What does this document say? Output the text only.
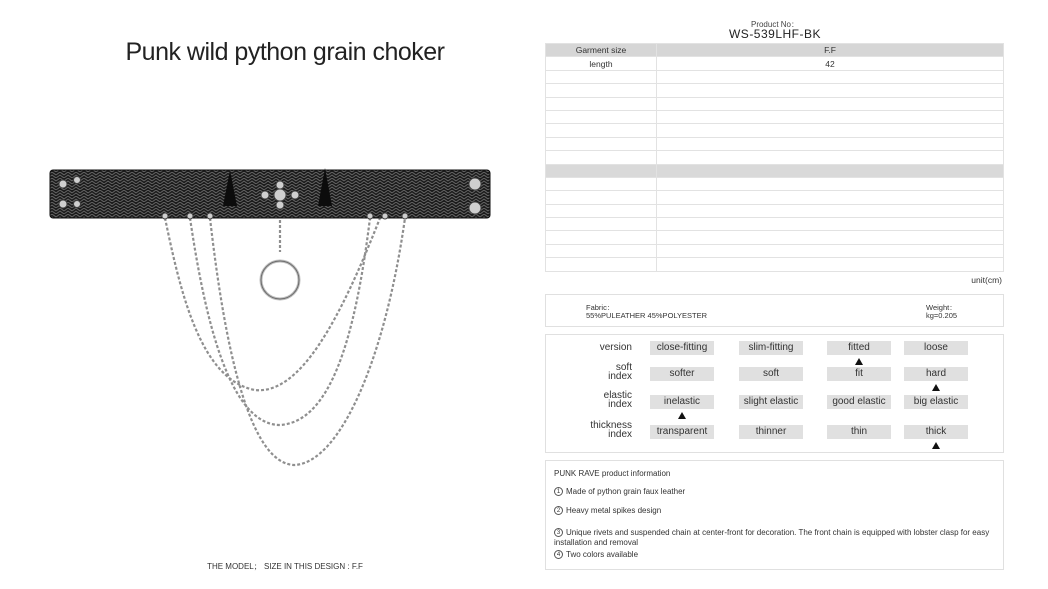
Punk wild python grain choker
THE MODEL； SIZE IN THIS DESIGN : F.F
Product No：
WS-539LHF-BK
Garment size	F.F
length	42

unit(cm)
Fabric：
55%PULEATHER 45%POLYESTER
Weight：
kg=0.205
version	close-fitting	slim-fitting	fitted	loose
soft
index	softer	soft	fit	hard
elastic
index	inelastic	slight elastic	good elastic	big elastic
thickness
index	transparent	thinner	thin	thick
PUNK RAVE product information
1 Made of python grain faux leather
2 Heavy metal spikes design
3 Unique rivets and suspended chain at center-front for decoration. The front chain is equipped with lobster clasp for easy installation and removal
4 Two colors available
